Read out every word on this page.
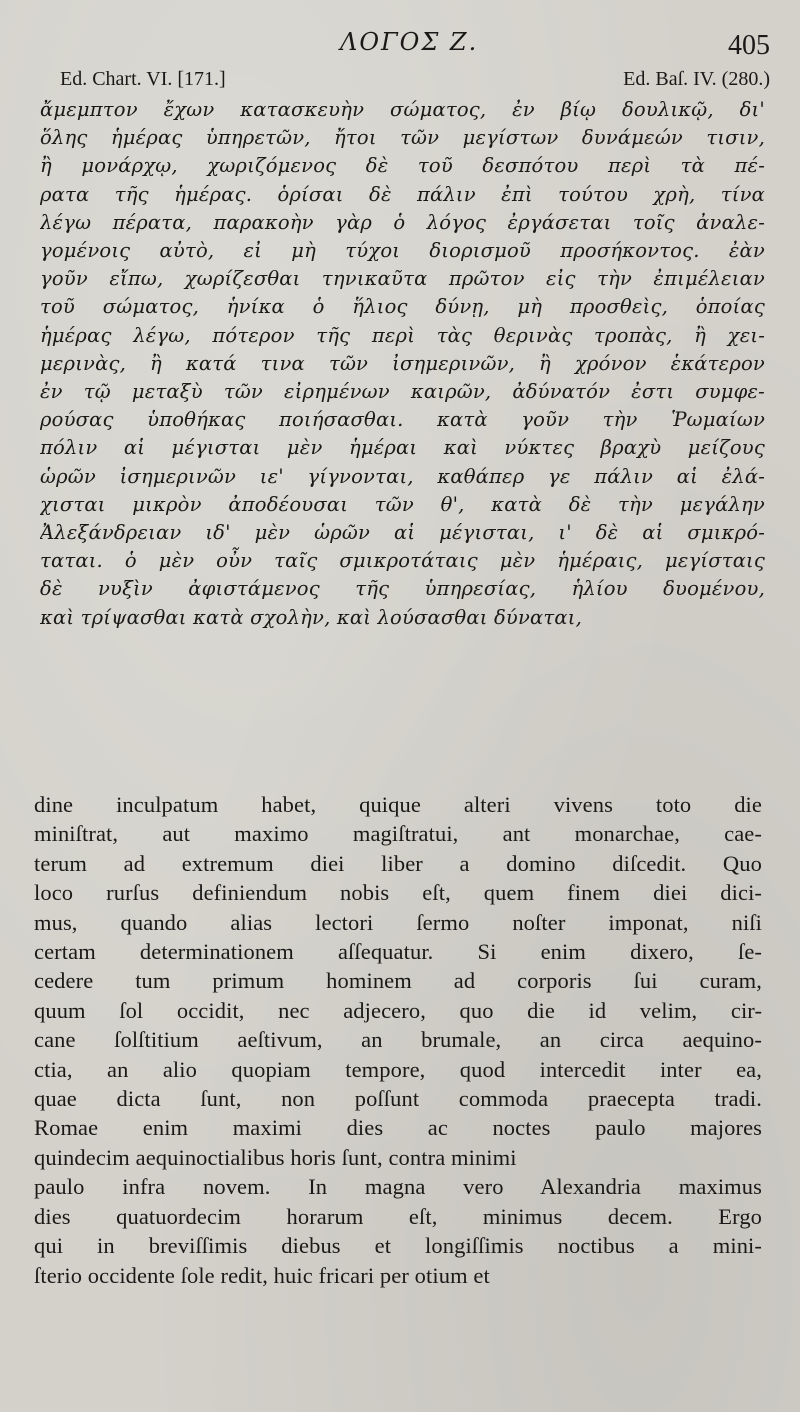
ΛΟΓΟΣ Ζ.	405
Ed. Chart. VI. [171.]	Ed. Baſ. IV. (280.)
ἄμεμπτον ἔχων κατασκευὴν σώματος, ἐν βίῳ δουλικῷ, δι'
ὅλης ἡμέρας ὑπηρετῶν, ἤτοι τῶν μεγίστων δυνάμεών τισιν,
ἢ μονάρχῳ, χωριζόμενος δὲ τοῦ δεσπότου περὶ τὰ πέ-
ρατα τῆς ἡμέρας. ὁρίσαι δὲ πάλιν ἐπὶ τούτου χρὴ, τίνα
λέγω πέρατα, παρακοὴν γὰρ ὁ λόγος ἐργάσεται τοῖς ἀναλε-
γομένοις αὐτὸ, εἰ μὴ τύχοι διορισμοῦ προσήκοντος. ἐὰν
γοῦν εἴπω, χωρίζεσθαι τηνικαῦτα πρῶτον εἰς τὴν ἐπιμέλειαν
τοῦ σώματος, ἡνίκα ὁ ἥλιος δύνῃ, μὴ προσθεὶς, ὁποίας
ἡμέρας λέγω, πότερον τῆς περὶ τὰς θερινὰς τροπὰς, ἢ χει-
μερινὰς, ἢ κατά τινα τῶν ἰσημερινῶν, ἢ χρόνον ἑκάτερον
ἐν τῷ μεταξὺ τῶν εἰρημένων καιρῶν, ἀδύνατόν ἐστι συμφε-
ρούσας ὑποθήκας ποιήσασθαι. κατὰ γοῦν τὴν Ῥωμαίων
πόλιν αἱ μέγισται μὲν ἡμέραι καὶ νύκτες βραχὺ μείζους
ὡρῶν ἰσημερινῶν ιε' γίγνονται, καθάπερ γε πάλιν αἱ ἐλά-
χισται μικρὸν ἀποδέουσαι τῶν θ', κατὰ δὲ τὴν μεγάλην
Ἀλεξάνδρειαν ιδ' μὲν ὡρῶν αἱ μέγισται, ι' δὲ αἱ σμικρό-
ταται. ὁ μὲν οὖν ταῖς σμικροτάταις μὲν ἡμέραις, μεγίσταις
δὲ νυξὶν ἀφιστάμενος τῆς ὑπηρεσίας, ἡλίου δυομένου,
καὶ τρίψασθαι κατὰ σχολὴν, καὶ λούσασθαι δύναται,
dine inculpatum habet, quique alteri vivens toto die
miniſtrat, aut maximo magiſtratui, ant monarchae, cae-
terum ad extremum diei liber a domino diſcedit. Quo
loco rurſus definiendum nobis eſt, quem finem diei dici-
mus, quando alias lectori ſermo noſter imponat, niſi
certam determinationem aſſequatur. Si enim dixero, ſe-
cedere tum primum hominem ad corporis ſui curam,
quum ſol occidit, nec adjecero, quo die id velim, cir-
cane ſolſtitium aeſtivum, an brumale, an circa aequino-
ctia, an alio quopiam tempore, quod intercedit inter ea,
quae dicta ſunt, non poſſunt commoda praecepta tradi.
Romae enim maximi dies ac noctes paulo majores
quindecim aequinoctialibus horis ſunt, contra minimi
paulo infra novem. In magna vero Alexandria maximus
dies quatuordecim horarum eſt, minimus decem. Ergo
qui in breviſſimis diebus et longiſſimis noctibus a mini-
ſterio occidente ſole redit, huic fricari per otium et
